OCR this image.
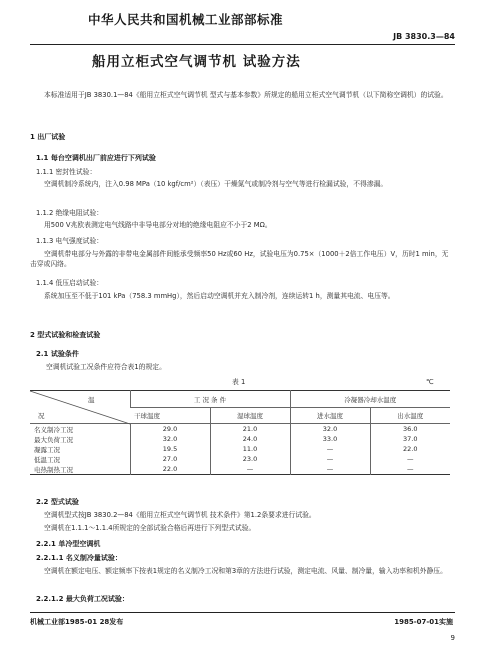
中华人民共和国机械工业部部标准
JB 3830.3—84
船用立柜式空气调节机 试验方法
本标准适用于JB 3830.1—84《船用立柜式空气调节机 型式与基本参数》所规定的船用立柜式空气调节机（以下简称空调机）的试验。
1 出厂试验
1.1 每台空调机出厂前应进行下列试验
1.1.1 密封性试验：
空调机制冷系统内，注入0.98 MPa（10 kgf/cm²）（表压）干燥氮气或制冷剂与空气等进行检漏试验，不得渗漏。
1.1.2 绝缘电阻试验：
用500 V兆欧表测定电气线路中非导电部分对地的绝缘电阻应不小于2 MΩ。
1.1.3 电气强度试验：
空调机带电部分与外露的非带电金属部件间能承受频率50 Hz或60 Hz，试验电压为0.75×（1000＋2倍工作电压）V，历时1 min，无击穿或闪络。
1.1.4 低压启动试验：
系统加压至不低于101 kPa（758.3 mmHg），然后启动空调机并充入制冷剂，连续运转1 h，测量其电流、电压等。
2 型式试验和检查试验
2.1 试验条件
空调机试验工况条件应符合表1的规定。
表 1	℃
温
况	工 况 条 件		冷凝器冷却水温度	
	干球温度	湿球温度	进水温度	出水温度
名义制冷工况	29.0	21.0	32.0	36.0
最大负荷工况	32.0	24.0	33.0	37.0
凝露工况	19.5	11.0	—	22.0
低温工况	27.0	23.0	—	—
电热制热工况	22.0	—	—	—
2.2 型式试验
空调机型式按JB 3830.2—84《船用立柜式空气调节机 技术条件》第1.2条要求进行试验。
空调机在1.1.1～1.1.4所规定的全部试验合格后再进行下列型式试验。
2.2.1 单冷型空调机
2.2.1.1 名义制冷量试验：
空调机在额定电压、额定频率下按表1规定的名义制冷工况和第3章的方法进行试验，测定电流、风量、制冷量，输入功率和机外静压。
2.2.1.2 最大负荷工况试验：
机械工业部1985-01 28发布	1985-07-01实施
9
